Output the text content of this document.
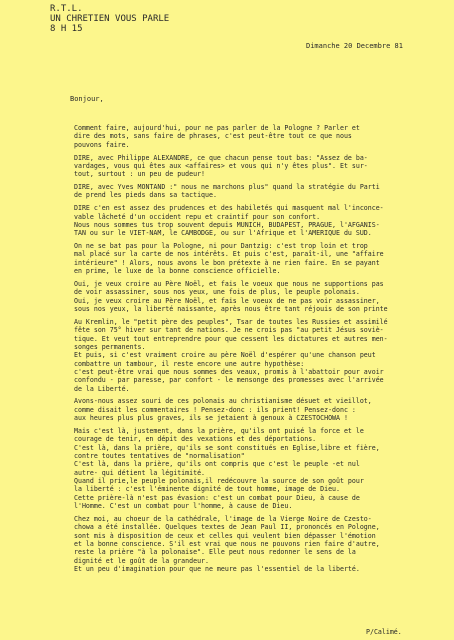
R.T.L.
UN CHRETIEN VOUS PARLE
8 H 15
Dimanche 20 Decembre 81
Bonjour,
Comment faire, aujourd'hui, pour ne pas parler de la Pologne ? Parler et
dire des mots, sans faire de phrases, c'est peut-être tout ce que nous
pouvons faire.
DIRE, avec Philippe ALEXANDRE, ce que chacun pense tout bas: "Assez de ba-
vardages, vous qui êtes aux <affaires> et vous qui n'y êtes plus". Et sur-
tout, surtout : un peu de pudeur!
DIRE, avec Yves MONTAND :" nous ne marchons plus" quand la stratégie du Parti
de prend les pieds dans sa tactique.
DIRE c'en est assez des prudences et des habiletés qui masquent mal l'inconce-
vable lâcheté d'un occident repu et craintif pour son confort.
Nous nous sommes tus trop souvent depuis MUNICH, BUDAPEST, PRAGUE, l'AFGANIS-
TAN ou sur le VIET-NAM, le CAMBODGE, ou sur l'Afrique et l'AMERIQUE du SUD.
On ne se bat pas pour la Pologne, ni pour Dantzig: c'est trop loin et trop
mal placé sur la carte de nos intérêts. Et puis c'est, paraît-il, une "affaire
intérieure" ! Alors, nous avons le bon prétexte à ne rien faire. En se payant
en prime, le luxe de la bonne conscience officielle.
Oui, je veux croire au Père Noël, et fais le voeux que nous ne supportions pas
de voir assassiner, sous nos yeux, une fois de plus, le peuple polonais.
Oui, je veux croire au Père Noël, et fais le voeux de ne pas voir assassiner,
sous nos yeux, la liberté naissante, après nous être tant réjouis de son printe
Au Kremlin, le "petit père des peuples", Tsar de toutes les Russies et assimilé
fête son 75° hiver sur tant de nations. Je ne crois pas "au petit Jésus soviè-
tique. Et veut tout entreprendre pour que cessent les dictatures et autres men-
songes permanents.
Et puis, si c'est vraiment croire au père Noël d'espérer qu'une chanson peut
combattre un tambour, il reste encore une autre hypothèse:
c'est peut-être vrai que nous sommes des veaux, promis à l'abattoir pour avoir
confondu - par paresse, par confort - le mensonge des promesses avec l'arrivée
de la Liberté.
Avons-nous assez souri de ces polonais au christianisme désuet et vieillot,
comme disait les commentaires ! Pensez-donc : ils prient! Pensez-donc :
aux heures plus plus graves, ils se jetaient à genoux à CZESTOCHOWA !
Mais c'est là, justement, dans la prière, qu'ils ont puisé la force et le
courage de tenir, en dépit des vexations et des déportations.
C'est là, dans la prière, qu'ils se sont constitués en Eglise,libre et fière,
contre toutes tentatives de "normalisation"
C'est là, dans la prière, qu'ils ont compris que c'est le peuple -et nul
autre- qui détient la légitimité.
Quand il prie,le peuple polonais,il redécouvre la source de son goût pour
la liberté : c'est l'éminente dignité de tout homme, image de Dieu.
Cette prière-là n'est pas évasion: c'est un combat pour Dieu, à cause de
l'Homme. C'est un combat pour l'homme, à cause de Dieu.
Chez moi, au choeur de la cathédrale, l'image de la Vierge Noire de Czesto-
chowa a été installée. Quelques textes de Jean Paul II, prononcés en Pologne,
sont mis à disposition de ceux et celles qui veulent bien dépasser l'émotion
et la bonne conscience. S'il est vrai que nous ne pouvons rien faire d'autre,
reste la prière "à la polonaise". Elle peut nous redonner le sens de la
dignité et le goût de la grandeur.
Et un peu d'imagination pour que ne meure pas l'essentiel de la liberté.
P/Calimé.
